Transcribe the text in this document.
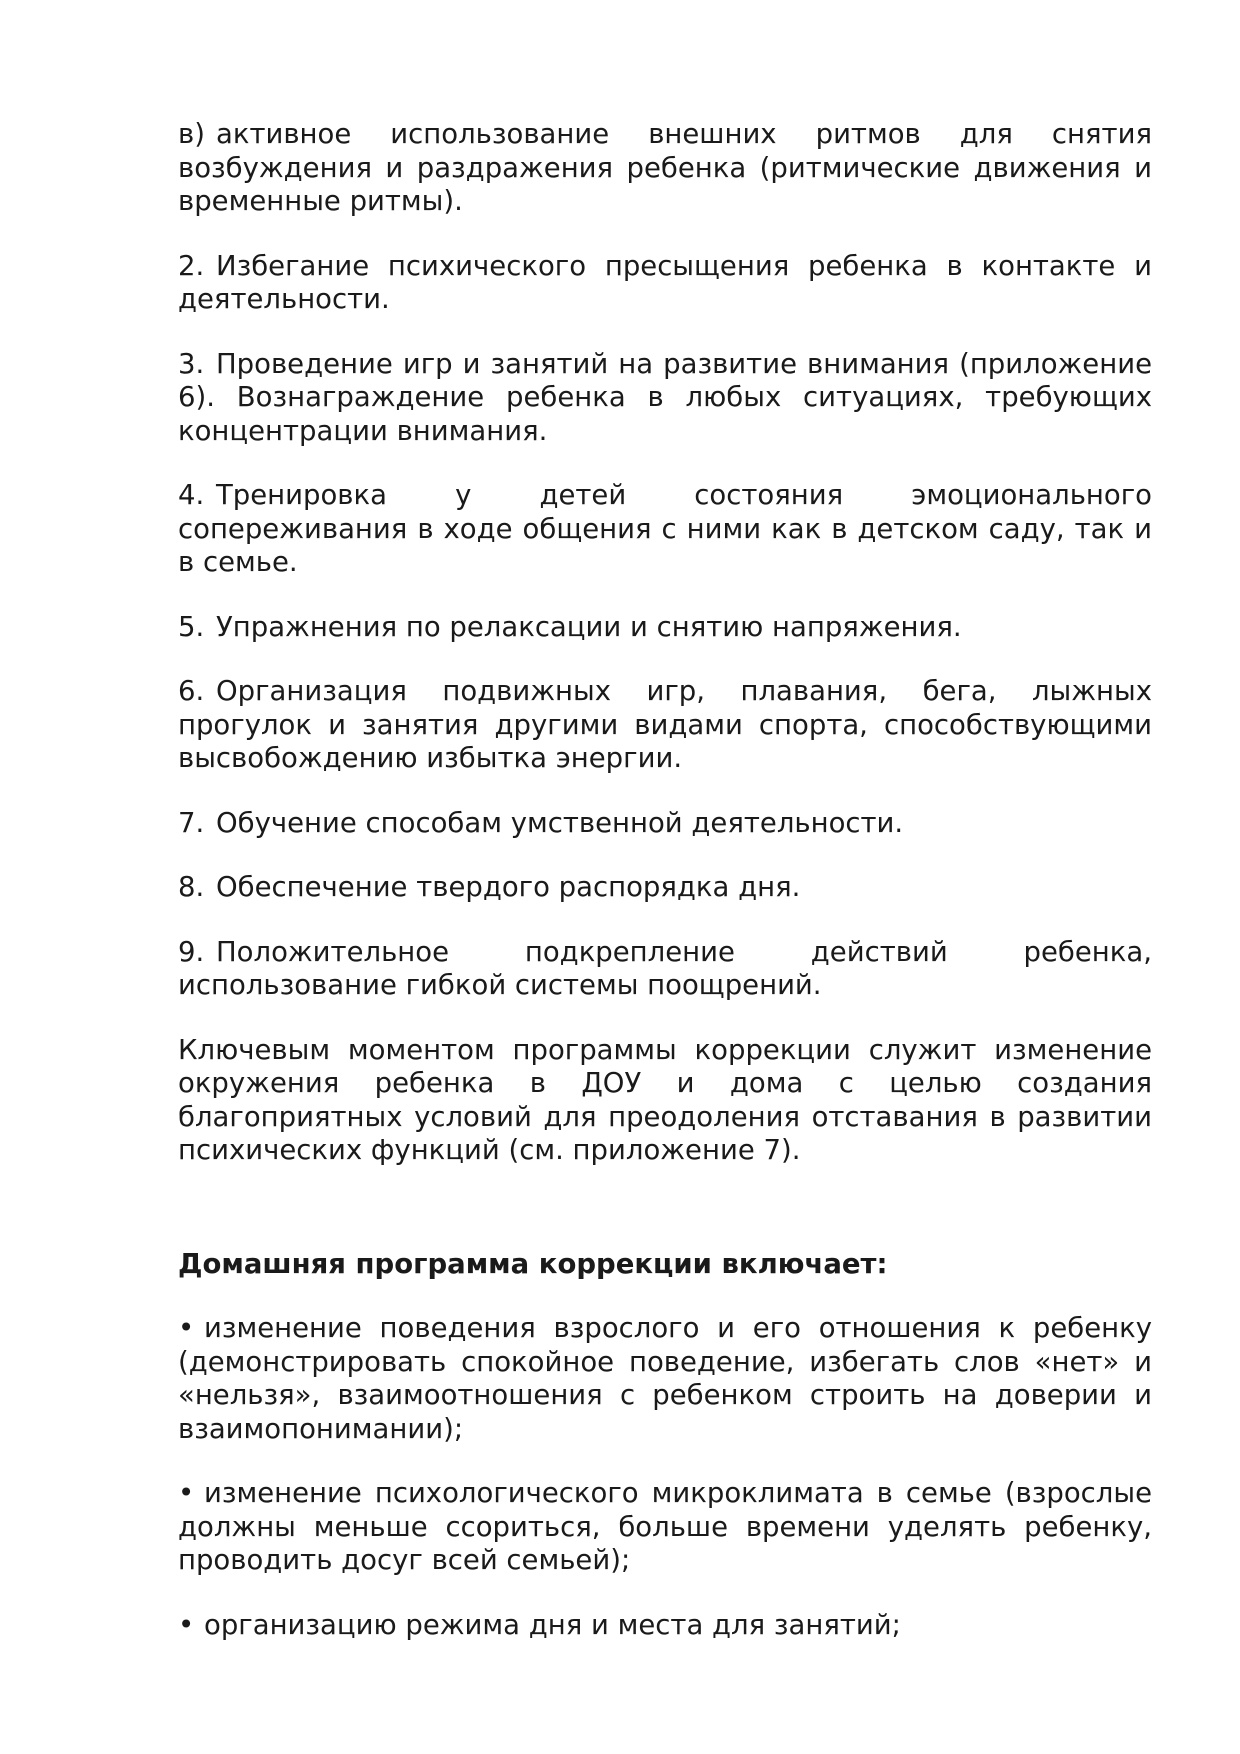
в) активное использование внешних ритмов для снятия возбуждения и раздражения ребенка (ритмические движения и временные ритмы).

2. Избегание психического пресыщения ребенка в контакте и деятельности.

3. Проведение игр и занятий на развитие внимания (приложение 6). Вознаграждение ребенка в любых ситуациях, требующих концентрации внимания.

4. Тренировка у детей состояния эмоционального сопереживания в ходе общения с ними как в детском саду, так и в семье.

5. Упражнения по релаксации и снятию напряжения.

6. Организация подвижных игр, плавания, бега, лыжных прогулок и занятия другими видами спорта, способствующими высвобождению избытка энергии.

7. Обучение способам умственной деятельности.

8. Обеспечение твердого распорядка дня.

9. Положительное подкрепление действий ребенка, использование гибкой системы поощрений.

Ключевым моментом программы коррекции служит изменение окружения ребенка в ДОУ и дома с целью создания благоприятных условий для преодоления отставания в развитии психических функций (см. приложение 7).

Домашняя программа коррекции включает:

• изменение поведения взрослого и его отношения к ребенку (демонстрировать спокойное поведение, избегать слов «нет» и «нельзя», взаимоотношения с ребенком строить на доверии и взаимопонимании);

• изменение психологического микроклимата в семье (взрослые должны меньше ссориться, больше времени уделять ребенку, проводить досуг всей семьей);

• организацию режима дня и места для занятий;
